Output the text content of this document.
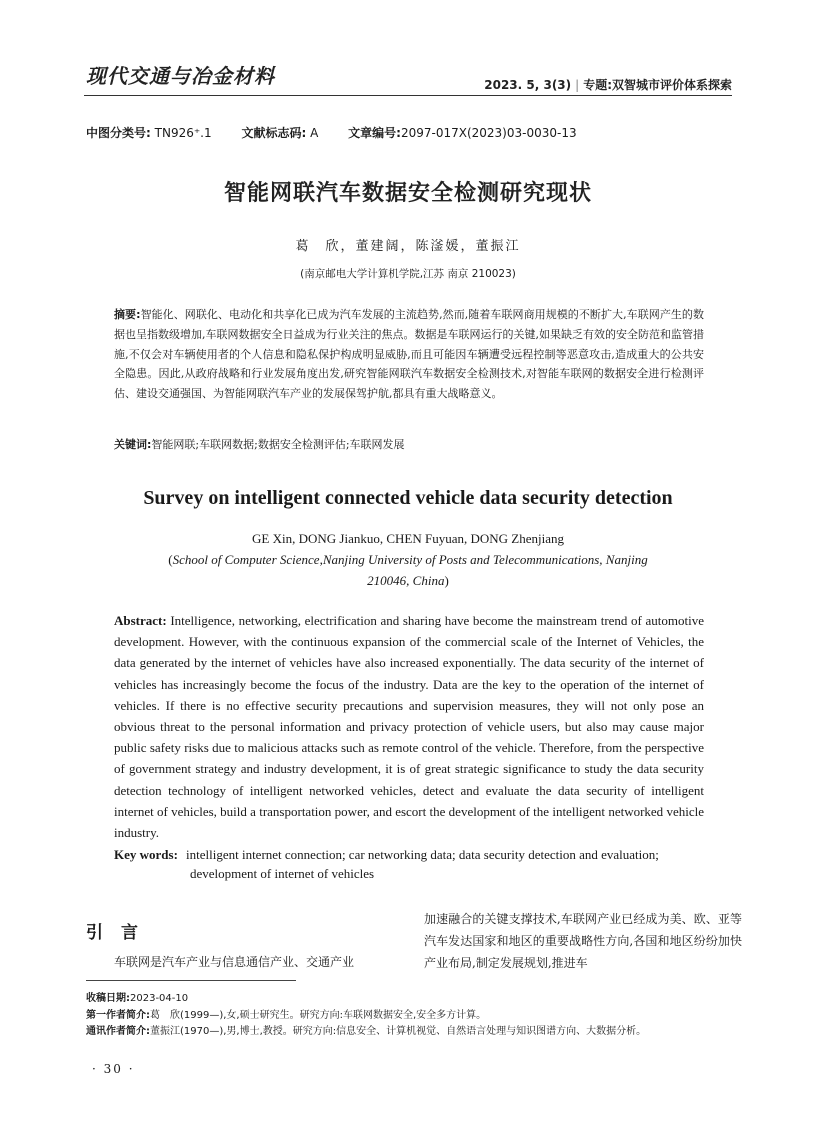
现代交通与冶金材料	2023. 5, 3(3) | 专题:双智城市评价体系探索
中图分类号: TN926⁺.1 文献标志码: A 文章编号:2097-017X(2023)03-0030-13
智能网联汽车数据安全检测研究现状
葛　欣，董建阔，陈滏媛，董振江
(南京邮电大学计算机学院,江苏 南京 210023)
摘要:智能化、网联化、电动化和共享化已成为汽车发展的主流趋势,然而,随着车联网商用规模的不断扩大,车联网产生的数据也呈指数级增加,车联网数据安全日益成为行业关注的焦点。数据是车联网运行的关键,如果缺乏有效的安全防范和监管措施,不仅会对车辆使用者的个人信息和隐私保护构成明显威胁,而且可能因车辆遭受远程控制等恶意攻击,造成重大的公共安全隐患。因此,从政府战略和行业发展角度出发,研究智能网联汽车数据安全检测技术,对智能车联网的数据安全进行检测评估、建设交通强国、为智能网联汽车产业的发展保驾护航,都具有重大战略意义。
关键词:智能网联;车联网数据;数据安全检测评估;车联网发展
Survey on intelligent connected vehicle data security detection
GE Xin, DONG Jiankuo, CHEN Fuyuan, DONG Zhenjiang
(School of Computer Science,Nanjing University of Posts and Telecommunications, Nanjing
210046, China)
Abstract: Intelligence, networking, electrification and sharing have become the mainstream trend of automotive development. However, with the continuous expansion of the commercial scale of the Internet of Vehicles, the data generated by the internet of vehicles have also increased exponentially. The data security of the internet of vehicles has increasingly become the focus of the industry. Data are the key to the operation of the internet of vehicles. If there is no effective security precautions and supervision measures, they will not only pose an obvious threat to the personal information and privacy protection of vehicle users, but also may cause major public safety risks due to malicious attacks such as remote control of the vehicle. Therefore, from the perspective of government strategy and industry development, it is of great strategic significance to study the data security detection technology of intelligent networked vehicles, detect and evaluate the data security of intelligent internet of vehicles, build a transportation power, and escort the development of the intelligent networked vehicle industry.
Key words: intelligent internet connection; car networking data; data security detection and evaluation;
development of internet of vehicles
引言
车联网是汽车产业与信息通信产业、交通产业
加速融合的关键支撑技术,车联网产业已经成为美、欧、亚等汽车发达国家和地区的重要战略性方向,各国和地区纷纷加快产业布局,制定发展规划,推进车
收稿日期:2023-04-10
第一作者简介:葛　欣(1999—),女,硕士研究生。研究方向:车联网数据安全,安全多方计算。
通讯作者简介:董振江(1970—),男,博士,教授。研究方向:信息安全、计算机视觉、自然语言处理与知识图谱方向、大数据分析。
· 30 ·
